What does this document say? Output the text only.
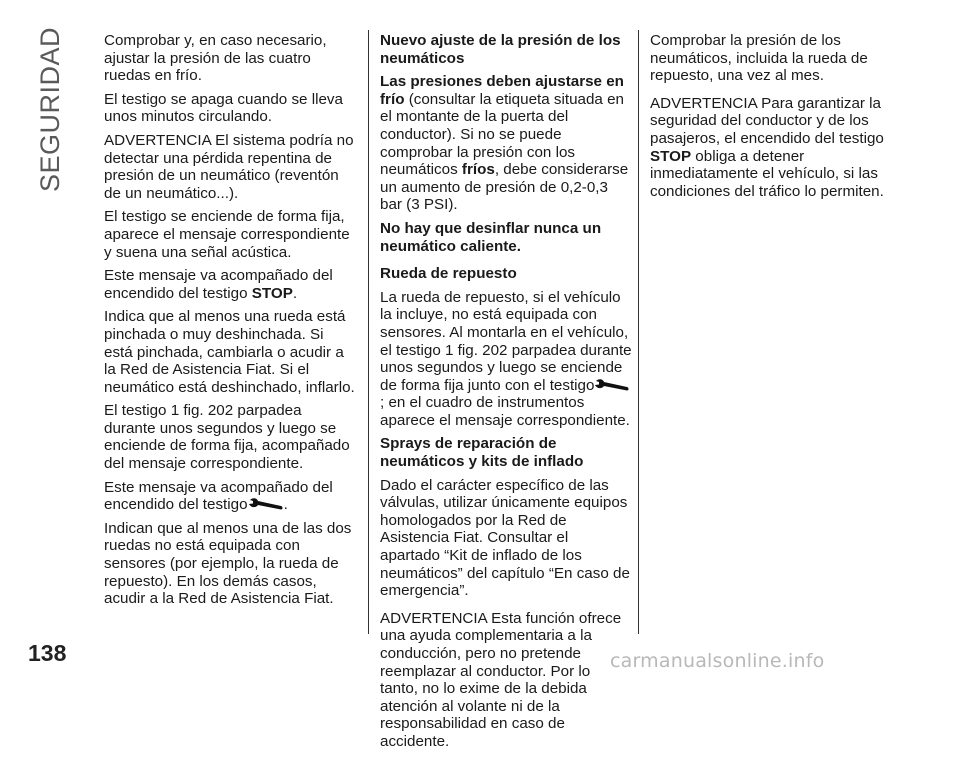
SEGURIDAD	Comprobar y, en caso necesario, ajustar la presión de las cuatro ruedas en frío.

El testigo se apaga cuando se lleva unos minutos circulando.

ADVERTENCIA El sistema podría no detectar una pérdida repentina de presión de un neumático (reventón de un neumático...).

El testigo se enciende de forma fija, aparece el mensaje correspondiente y suena una señal acústica.

Este mensaje va acompañado del encendido del testigo STOP.

Indica que al menos una rueda está pinchada o muy deshinchada. Si está pinchada, cambiarla o acudir a la Red de Asistencia Fiat. Si el neumático está deshinchado, inflarlo.

El testigo 1 fig. 202 parpadea durante unos segundos y luego se enciende de forma fija, acompañado del mensaje correspondiente.

Este mensaje va acompañado del encendido del testigo .

Indican que al menos una de las dos ruedas no está equipada con sensores (por ejemplo, la rueda de repuesto). En los demás casos, acudir a la Red de Asistencia Fiat.

Nuevo ajuste de la presión de los neumáticos

Las presiones deben ajustarse en frío (consultar la etiqueta situada en el montante de la puerta del conductor). Si no se puede comprobar la presión con los neumáticos fríos, debe considerarse un aumento de presión de 0,2-0,3 bar (3 PSI).

No hay que desinflar nunca un neumático caliente.
Rueda de repuesto

La rueda de repuesto, si el vehículo la incluye, no está equipada con sensores. Al montarla en el vehículo, el testigo 1 fig. 202 parpadea durante unos segundos y luego se enciende de forma fija junto con el testigo
; en el cuadro de instrumentos aparece el mensaje correspondiente.

Sprays de reparación de neumáticos y kits de inflado

Dado el carácter específico de las válvulas, utilizar únicamente equipos homologados por la Red de Asistencia Fiat. Consultar el apartado “Kit de inflado de los neumáticos” del capítulo “En caso de emergencia”.

ADVERTENCIA Esta función ofrece una ayuda complementaria a la conducción, pero no pretende reemplazar al conductor. Por lo tanto, no lo exime de la debida atención al volante ni de la responsabilidad en caso de accidente.

Comprobar la presión de los neumáticos, incluida la rueda de repuesto, una vez al mes.

ADVERTENCIA Para garantizar la seguridad del conductor y de los pasajeros, el encendido del testigo STOP obliga a detener inmediatamente el vehículo, si las condiciones del tráfico lo permiten.

138	carmanualsonline.info
